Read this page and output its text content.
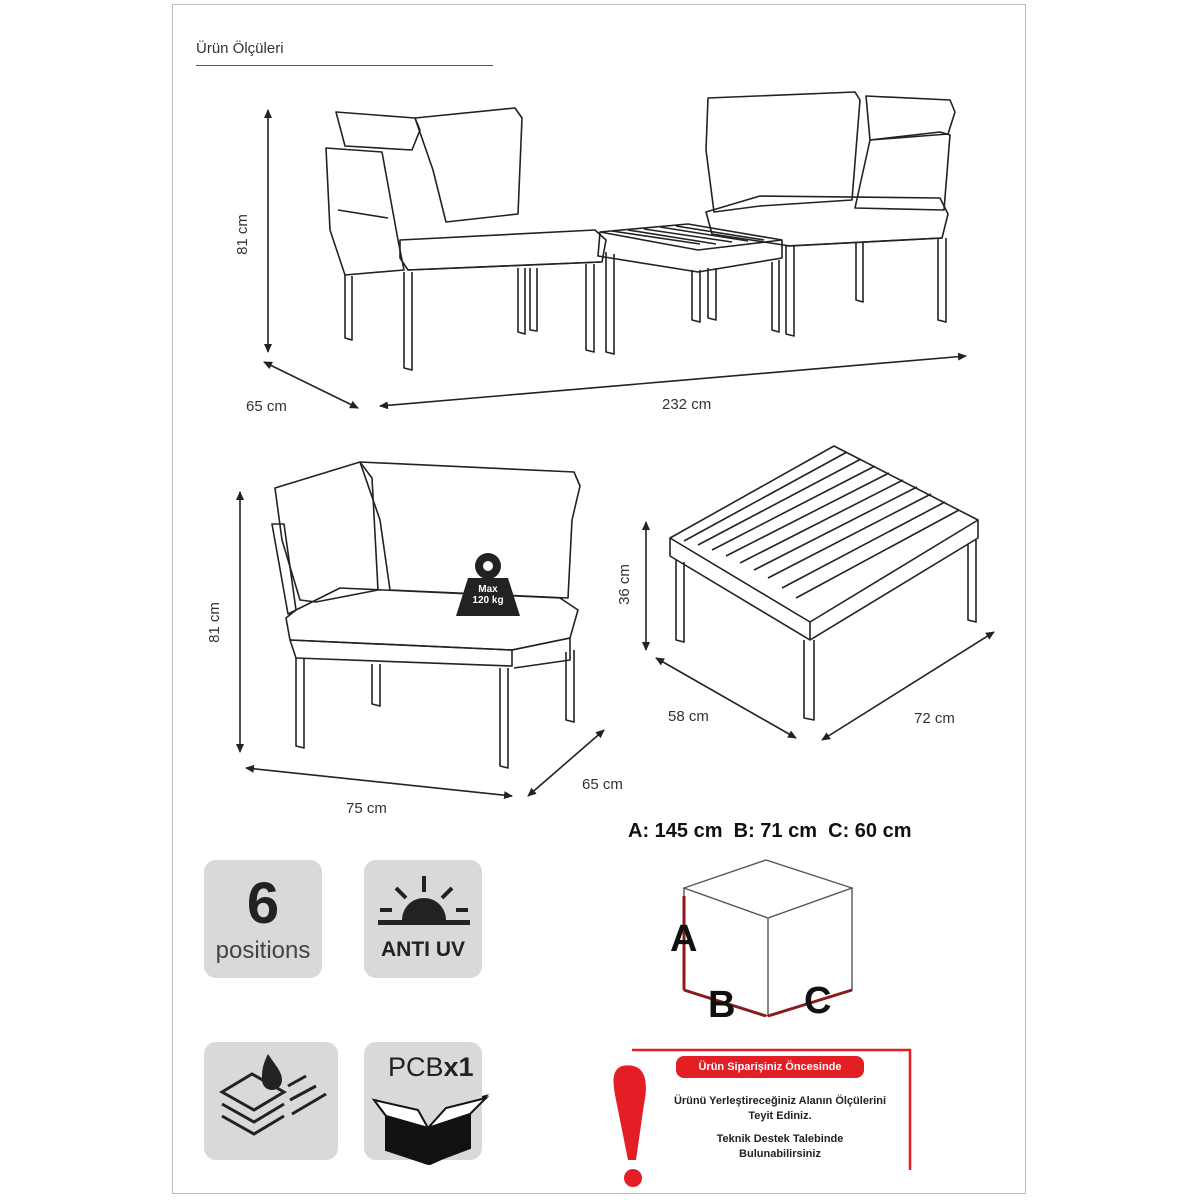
Ürün Ölçüleri
81 cm
65 cm	232 cm
81 cm
75 cm
65 cm
Max
120 kg	36 cm
58 cm	72 cm
A: 145 cm B: 71 cm C: 60 cm
A
B C
6
positions	ANTI UV
PCBx1	Ürün Siparişiniz Öncesinde
Ürünü Yerleştireceğiniz Alanın Ölçülerini
Teyit Ediniz.
Teknik Destek Talebinde
Bulunabilirsiniz
